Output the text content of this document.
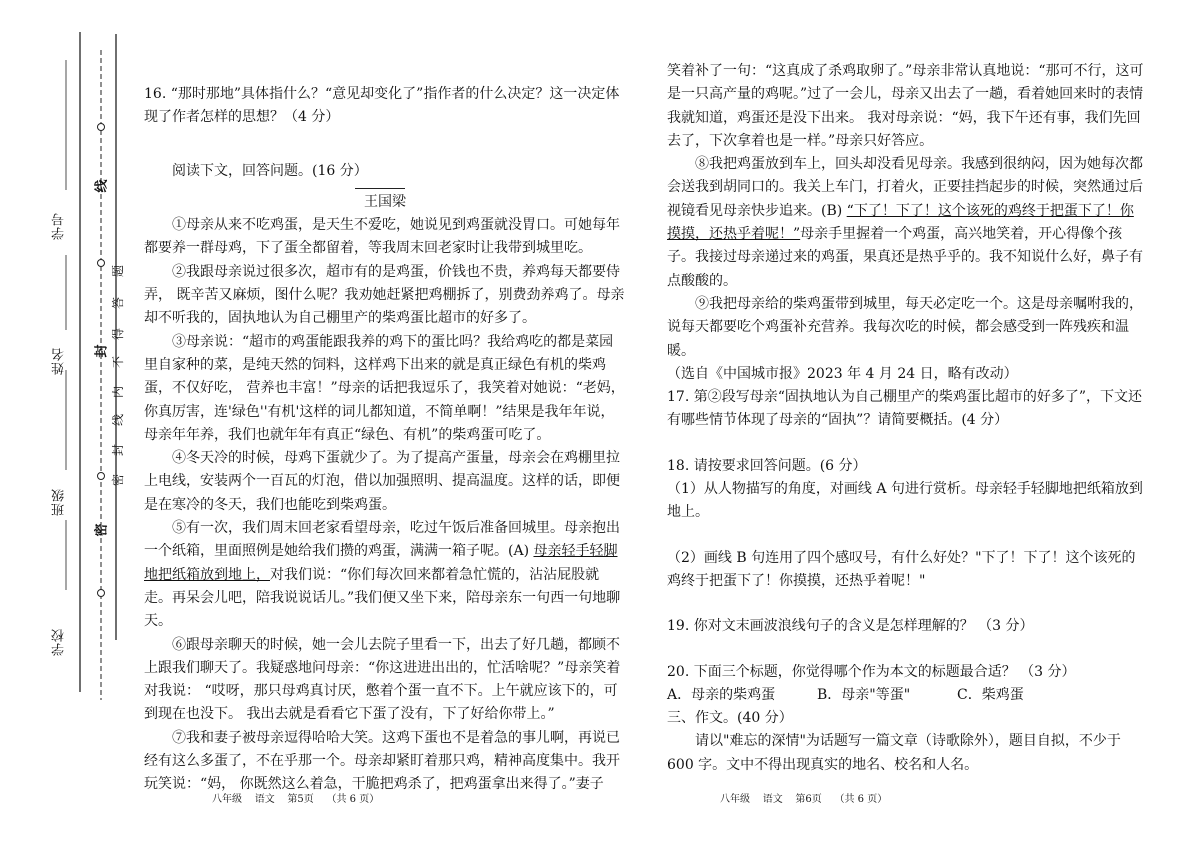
学号
姓名
班级
学校
密
封
线
题
答
得
不
内
线
封
密

16. “那时那地”具体指什么？“意见却变化了”指作者的什么决定？这一决定体现了作者怎样的思想？（4 分）

阅读下文，回答问题。(16 分）

王国梁

①母亲从来不吃鸡蛋，是天生不爱吃，她说见到鸡蛋就没胃口。可她每年都要养一群母鸡，下了蛋全都留着，等我周末回老家时让我带到城里吃。

②我跟母亲说过很多次，超市有的是鸡蛋，价钱也不贵，养鸡每天都要侍弄， 既辛苦又麻烦，图什么呢？我劝她赶紧把鸡棚拆了，别费劲养鸡了。母亲却不听我的，固执地认为自己棚里产的柴鸡蛋比超市的好多了。

③母亲说：“超市的鸡蛋能跟我养的鸡下的蛋比吗？我给鸡吃的都是菜园里自家种的菜，是纯天然的饲料，这样鸡下出来的就是真正绿色有机的柴鸡蛋，不仅好吃， 营养也丰富！”母亲的话把我逗乐了，我笑着对她说：“老妈，你真厉害，连'绿色''有机'这样的词儿都知道，不简单啊！”结果是我年年说，母亲年年养，我们也就年年有真正“绿色、有机”的柴鸡蛋可吃了。

④冬天冷的时候，母鸡下蛋就少了。为了提高产蛋量，母亲会在鸡棚里拉上电线，安装两个一百瓦的灯泡，借以加强照明、提高温度。这样的话，即便是在寒冷的冬天，我们也能吃到柴鸡蛋。

⑤有一次，我们周末回老家看望母亲，吃过午饭后准备回城里。母亲抱出一个纸箱，里面照例是她给我们攒的鸡蛋，满满一箱子呢。(A) 母亲轻手轻脚地把纸箱放到地上，对我们说：“你们每次回来都着急忙慌的，沾沾屁股就走。再呆会儿吧，陪我说说话儿。”我们便又坐下来，陪母亲东一句西一句地聊天。

⑥跟母亲聊天的时候，她一会儿去院子里看一下，出去了好几趟，都顾不上跟我们聊天了。我疑惑地问母亲：“你这进进出出的，忙活啥呢？”母亲笑着对我说： “哎呀，那只母鸡真讨厌，憋着个蛋一直不下。上午就应该下的，可到现在也没下。 我出去就是看看它下蛋了没有，下了好给你带上。”

⑦我和妻子被母亲逗得哈哈大笑。这鸡下蛋也不是着急的事儿啊，再说已经有这么多蛋了，不在乎那一个。母亲却紧盯着那只鸡，精神高度集中。我开玩笑说：“妈， 你既然这么着急，干脆把鸡杀了，把鸡蛋拿出来得了。”妻子

八年级    语文    第5页    （共 6 页）

笑着补了一句：“这真成了杀鸡取卵了。”母亲非常认真地说：“那可不行，这可是一只高产量的鸡呢。”过了一会儿，母亲又出去了一趟，看着她回来时的表情我就知道，鸡蛋还是没下出来。 我对母亲说：“妈，我下午还有事，我们先回去了，下次拿着也是一样。”母亲只好答应。

⑧我把鸡蛋放到车上，回头却没看见母亲。我感到很纳闷，因为她每次都会送我到胡同口的。我关上车门，打着火，正要挂挡起步的时候，突然通过后视镜看见母亲快步追来。(B) “下了！下了！这个该死的鸡终于把蛋下了！你摸摸，还热乎着呢！”母亲手里握着一个鸡蛋，高兴地笑着，开心得像个孩子。我接过母亲递过来的鸡蛋，果真还是热乎乎的。我不知说什么好，鼻子有点酸酸的。

⑨我把母亲给的柴鸡蛋带到城里，每天必定吃一个。这是母亲嘱咐我的，说每天都要吃个鸡蛋补充营养。我每次吃的时候，都会感受到一阵残疾和温暖。

（选自《中国城市报》2023 年 4 月 24 日，略有改动）

17. 第②段写母亲“固执地认为自己棚里产的柴鸡蛋比超市的好多了”，下文还有哪些情节体现了母亲的“固执”？请简要概括。(4 分）

18. 请按要求回答问题。(6 分）

（1）从人物描写的角度，对画线 A 句进行赏析。母亲轻手轻脚地把纸箱放到地上。

（2）画线 B 句连用了四个感叹号，有什么好处？"下了！下了！这个该死的鸡终于把蛋下了！你摸摸，还热乎着呢！"

19. 你对文末画波浪线句子的含义是怎样理解的？ （3 分）

20. 下面三个标题，你觉得哪个作为本文的标题最合适？ （3 分）

A．母亲的柴鸡蛋	B．母亲"等蛋"	C．柴鸡蛋

三、作文。(40 分）

请以"难忘的深情"为话题写一篇文章（诗歌除外），题目自拟，不少于 600 字。文中不得出现真实的地名、校名和人名。

八年级    语文    第6页    （共 6 页）
